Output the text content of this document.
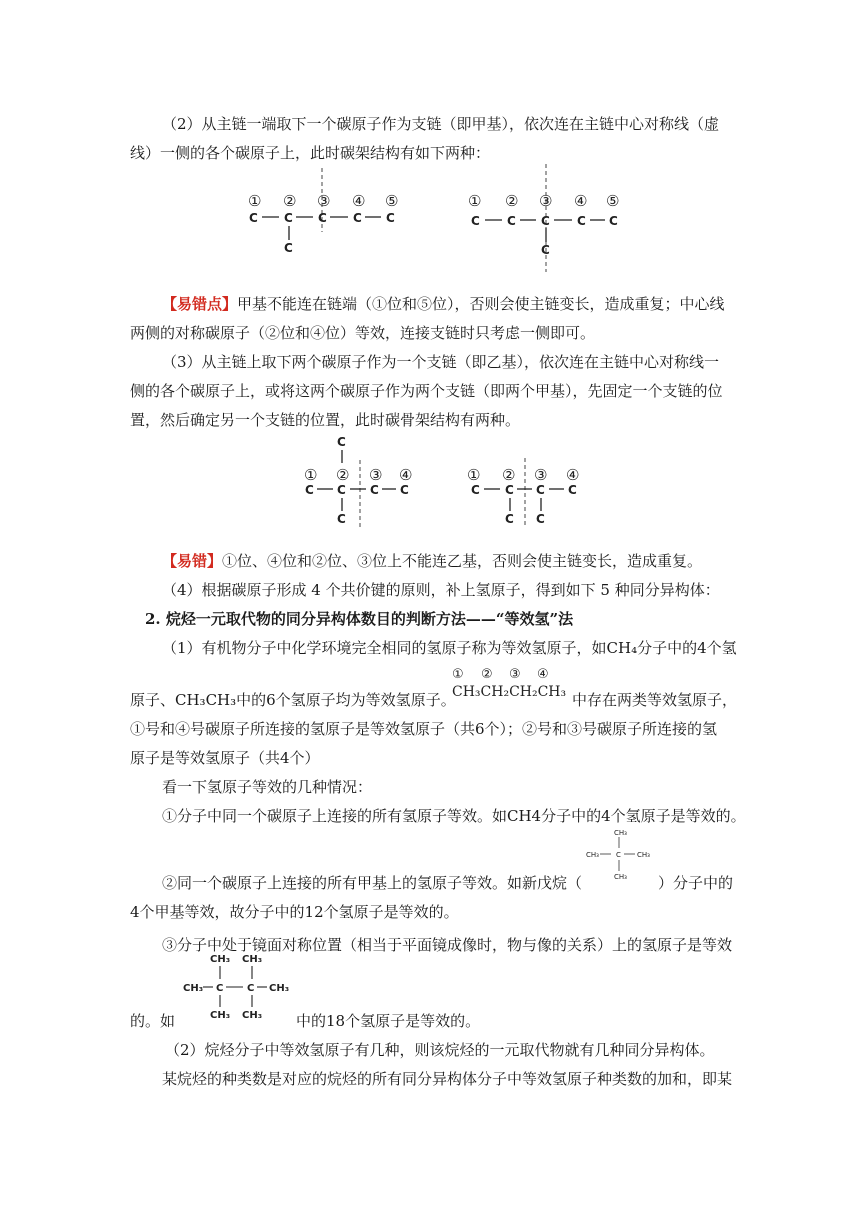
（2）从主链一端取下一个碳原子作为支链（即甲基），依次连在主链中心对称线（虚
线）一侧的各个碳原子上，此时碳架结构有如下两种：
① ② ③ ④ ⑤
C C C C C
C
① ② ③ ④ ⑤
C C C C C
C
【易错点】甲基不能连在链端（①位和⑤位），否则会使主链变长，造成重复；中心线
两侧的对称碳原子（②位和④位）等效，连接支链时只考虑一侧即可。
（3）从主链上取下两个碳原子作为一个支链（即乙基），依次连在主链中心对称线一
侧的各个碳原子上，或将这两个碳原子作为两个支链（即两个甲基），先固定一个支链的位
置，然后确定另一个支链的位置，此时碳骨架结构有两种。
C
① ② ③ ④
C C C C
C
① ② ③ ④
C C C C
C C
【易错】①位、④位和②位、③位上不能连乙基，否则会使主链变长，造成重复。
（4）根据碳原子形成 4 个共价键的原则，补上氢原子，得到如下 5 种同分异构体：
2. 烷烃一元取代物的同分异构体数目的判断方法——“等效氢”法
（1）有机物分子中化学环境完全相同的氢原子称为等效氢原子，如CH₄分子中的4个氢
① ② ③ ④
CH₃CH₂CH₂CH₃
原子、CH₃CH₃中的6个氢原子均为等效氢原子。	中存在两类等效氢原子，
①号和④号碳原子所连接的氢原子是等效氢原子（共6个）；②号和③号碳原子所连接的氢
原子是等效氢原子（共4个）
看一下氢原子等效的几种情况：
①分子中同一个碳原子上连接的所有氢原子等效。如CH4分子中的4个氢原子是等效的。
CH₃
CH₃ C CH₃
CH₃
②同一个碳原子上连接的所有甲基上的氢原子等效。如新戊烷（	）分子中的
4个甲基等效，故分子中的12个氢原子是等效的。
③分子中处于镜面对称位置（相当于平面镜成像时，物与像的关系）上的氢原子是等效
CH₃ CH₃
CH₃ C C CH₃
CH₃ CH₃
的。如	中的18个氢原子是等效的。
（2）烷烃分子中等效氢原子有几种，则该烷烃的一元取代物就有几种同分异构体。
某烷烃的种类数是对应的烷烃的所有同分异构体分子中等效氢原子种类数的加和，即某
